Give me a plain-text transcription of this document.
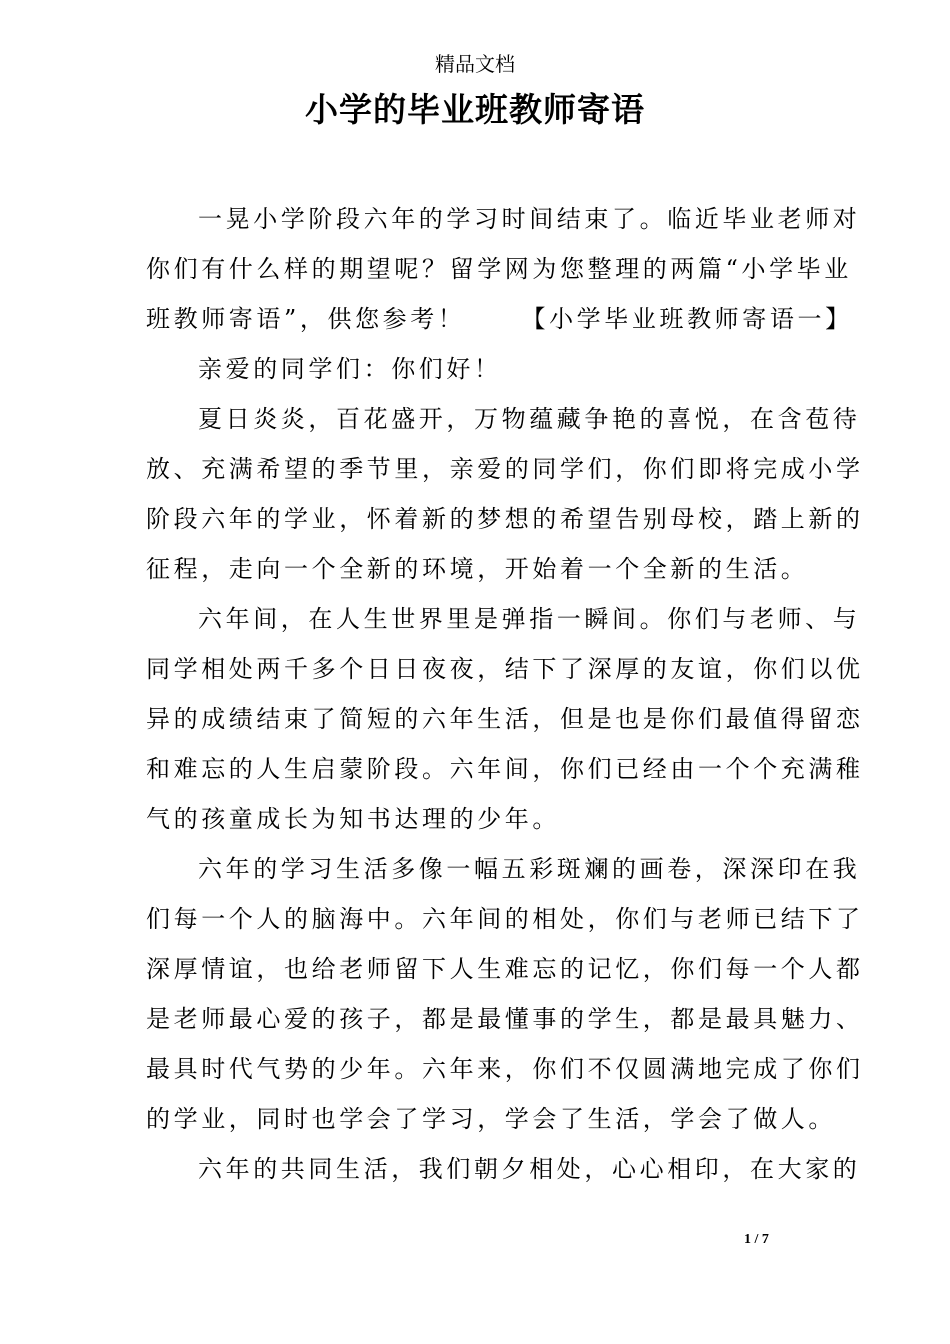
精品文档
小学的毕业班教师寄语
一晃小学阶段六年的学习时间结束了。临近毕业老师对
你们有什么样的期望呢？留学网为您整理的两篇“小学毕业
班教师寄语”，供您参考！ 【小学毕业班教师寄语一】
亲爱的同学们：你们好！
夏日炎炎，百花盛开，万物蕴藏争艳的喜悦，在含苞待
放、充满希望的季节里，亲爱的同学们，你们即将完成小学
阶段六年的学业，怀着新的梦想的希望告别母校，踏上新的
征程，走向一个全新的环境，开始着一个全新的生活。
六年间，在人生世界里是弹指一瞬间。你们与老师、与
同学相处两千多个日日夜夜，结下了深厚的友谊，你们以优
异的成绩结束了简短的六年生活，但是也是你们最值得留恋
和难忘的人生启蒙阶段。六年间，你们已经由一个个充满稚
气的孩童成长为知书达理的少年。
六年的学习生活多像一幅五彩斑斓的画卷，深深印在我
们每一个人的脑海中。六年间的相处，你们与老师已结下了
深厚情谊，也给老师留下人生难忘的记忆，你们每一个人都
是老师最心爱的孩子，都是最懂事的学生，都是最具魅力、
最具时代气势的少年。六年来，你们不仅圆满地完成了你们
的学业，同时也学会了学习，学会了生活，学会了做人。
六年的共同生活，我们朝夕相处，心心相印，在大家的
1 / 7
